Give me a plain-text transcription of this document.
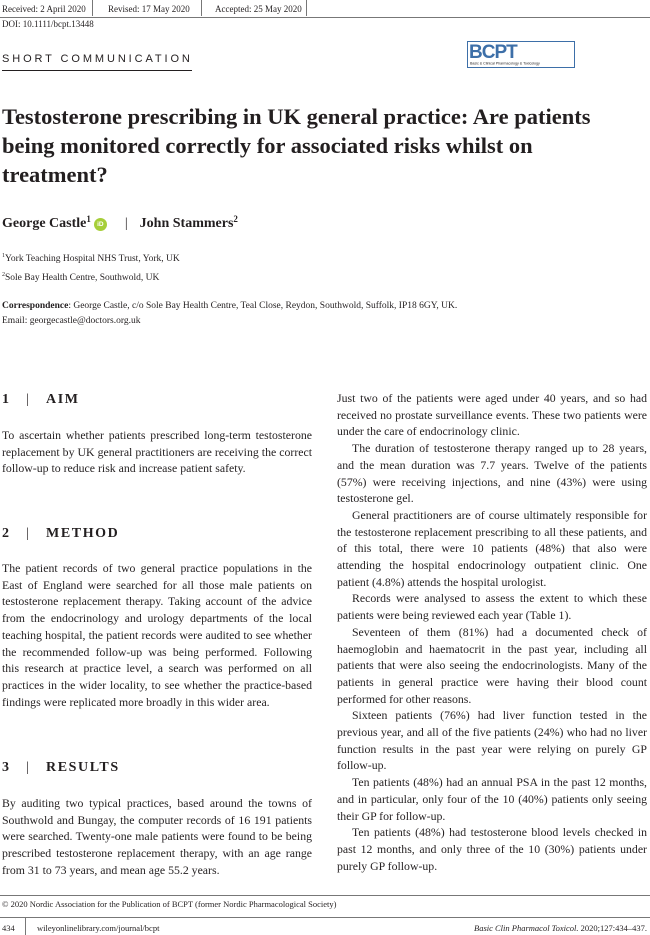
Received: 2 April 2020 Revised: 17 May 2020	Accepted: 25 May 2020
DOI: 10.1111/bcpt.13448
SHORT COMMUNICATION	BCPT
Basic & Clinical Pharmacology & Toxicology
Testosterone prescribing in UK general practice: Are patients being monitored correctly for associated risks whilst on treatment?
George Castle$^1$iD | John Stammers$^2$
$^1$York Teaching Hospital NHS Trust, York, UK
$^2$Sole Bay Health Centre, Southwold, UK
Correspondence: George Castle, c/o Sole Bay Health Centre, Teal Close, Reydon, Southwold, Suffolk, IP18 6GY, UK.
Email: georgecastle@doctors.org.uk
1 | AIM

To ascertain whether patients prescribed long-term testosterone replacement by UK general practitioners are receiving the correct follow-up to reduce risk and increase patient safety.

2 | METHOD

The patient records of two general practice populations in the East of England were searched for all those male patients on testosterone replacement therapy. Taking account of the advice from the endocrinology and urology departments of the local teaching hospital, the patient records were audited to see whether the recommended follow-up was being performed. Following this research at practice level, a search was performed on all practices in the wider locality, to see whether the practice-based findings were replicated more broadly in this wider area.

3 | RESULTS

By auditing two typical practices, based around the towns of Southwold and Bungay, the computer records of 16 191 patients were searched. Twenty-one male patients were found to be being prescribed testosterone replacement therapy, with an age range from 31 to 73 years, and mean age 55.2 years.

Just two of the patients were aged under 40 years, and so had received no prostate surveillance events. These two patients were under the care of endocrinology clinic.

The duration of testosterone therapy ranged up to 28 years, and the mean duration was 7.7 years. Twelve of the patients (57%) were receiving injections, and nine (43%) were using testosterone gel.

General practitioners are of course ultimately responsible for the testosterone replacement prescribing to all these patients, and of this total, there were 10 patients (48%) that also were attending the hospital endocrinology outpatient clinic. One patient (4.8%) attends the hospital urologist.

Records were analysed to assess the extent to which these patients were being reviewed each year (Table 1).

Seventeen of them (81%) had a documented check of haemoglobin and haematocrit in the past year, including all patients that were also seeing the endocrinologists. Many of the patients in general practice were having their blood count performed for other reasons.

Sixteen patients (76%) had liver function tested in the previous year, and all of the five patients (24%) who had no liver function results in the past year were relying on purely GP follow-up.

Ten patients (48%) had an annual PSA in the past 12 months, and in particular, only four of the 10 (40%) patients only seeing their GP for follow-up.

Ten patients (48%) had testosterone blood levels checked in past 12 months, and only three of the 10 (30%) patients under purely GP follow-up.

© 2020 Nordic Association for the Publication of BCPT (former Nordic Pharmacological Society)
434	wileyonlinelibrary.com/journal/bcpt	Basic Clin Pharmacol Toxicol. 2020;127:434–437.
